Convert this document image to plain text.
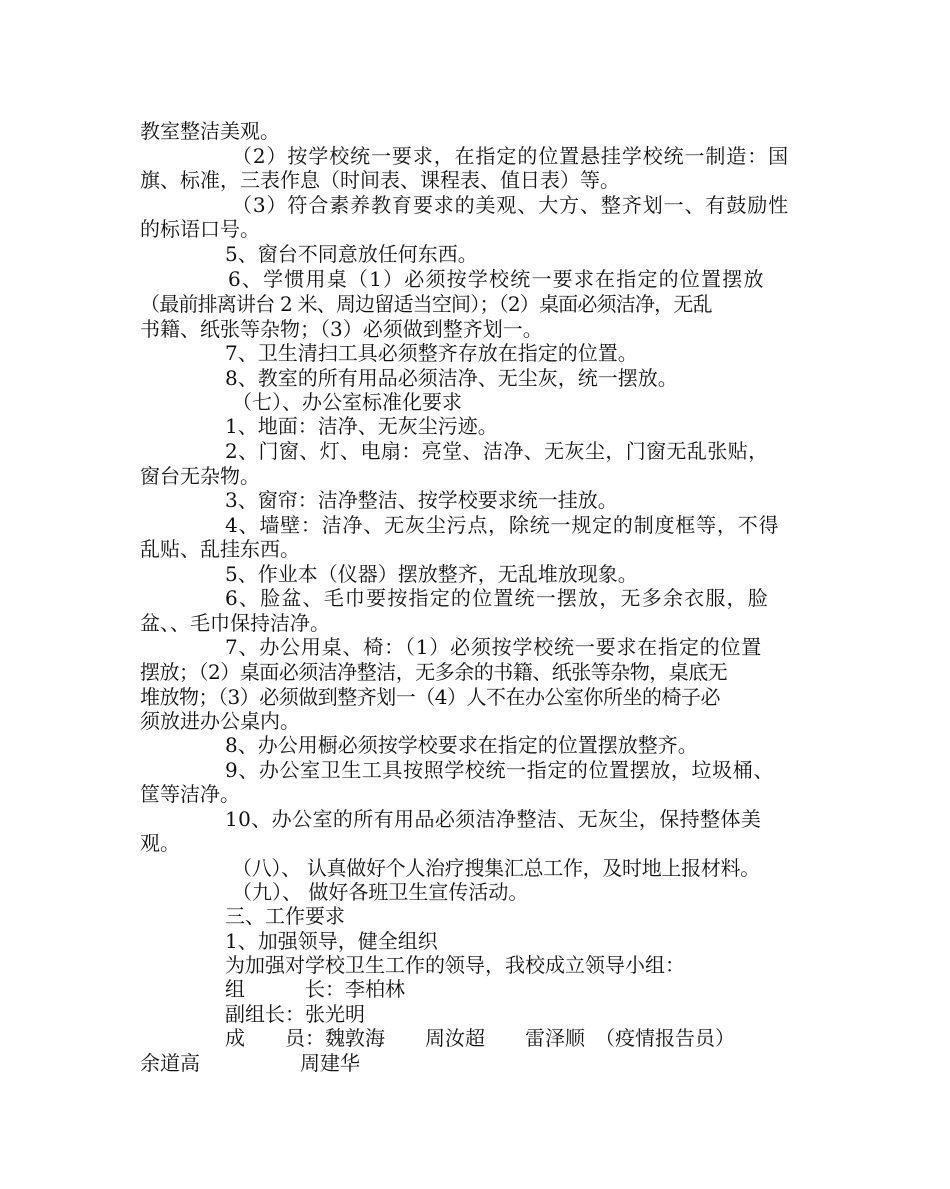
教室整洁美观。
（2）按学校统一要求，在指定的位置悬挂学校统一制造：国
旗、标准，三表作息（时间表、课程表、值日表）等。
（3）符合素养教育要求的美观、大方、整齐划一、有鼓励性
的标语口号。
5、窗台不同意放任何东西。
6、学惯用桌（1）必须按学校统一要求在指定的位置摆放
（最前排离讲台 2 米、周边留适当空间）；（2）桌面必须洁净，无乱
书籍、纸张等杂物；（3）必须做到整齐划一。
7、卫生清扫工具必须整齐存放在指定的位置。
8、教室的所有用品必须洁净、无尘灰，统一摆放。
（七）、办公室标准化要求
1、地面：洁净、无灰尘污迹。
2、门窗、灯、电扇：亮堂、洁净、无灰尘，门窗无乱张贴，
窗台无杂物。
3、窗帘：洁净整洁、按学校要求统一挂放。
4、墙壁：洁净、无灰尘污点，除统一规定的制度框等，不得
乱贴、乱挂东西。
5、作业本（仪器）摆放整齐，无乱堆放现象。
6、脸盆、毛巾要按指定的位置统一摆放，无多余衣服，脸
盆、、毛巾保持洁净。
7、办公用桌、椅：（1）必须按学校统一要求在指定的位置
摆放；（2）桌面必须洁净整洁，无多余的书籍、纸张等杂物，桌底无
堆放物；（3）必须做到整齐划一（4）人不在办公室你所坐的椅子必
须放进办公桌内。
8、办公用橱必须按学校要求在指定的位置摆放整齐。
9、办公室卫生工具按照学校统一指定的位置摆放，垃圾桶、
筐等洁净。
10、办公室的所有用品必须洁净整洁、无灰尘，保持整体美
观。
（八）、 认真做好个人治疗搜集汇总工作，及时地上报材料。
（九）、 做好各班卫生宣传活动。
三、工作要求
1、加强领导，健全组织
为加强对学校卫生工作的领导，我校成立领导小组：
组　　　长：李柏林
副组长：张光明
成　　员：魏敦海　　周汝超　　雷泽顺　（疫情报告员）
余道高　　　　　周建华
